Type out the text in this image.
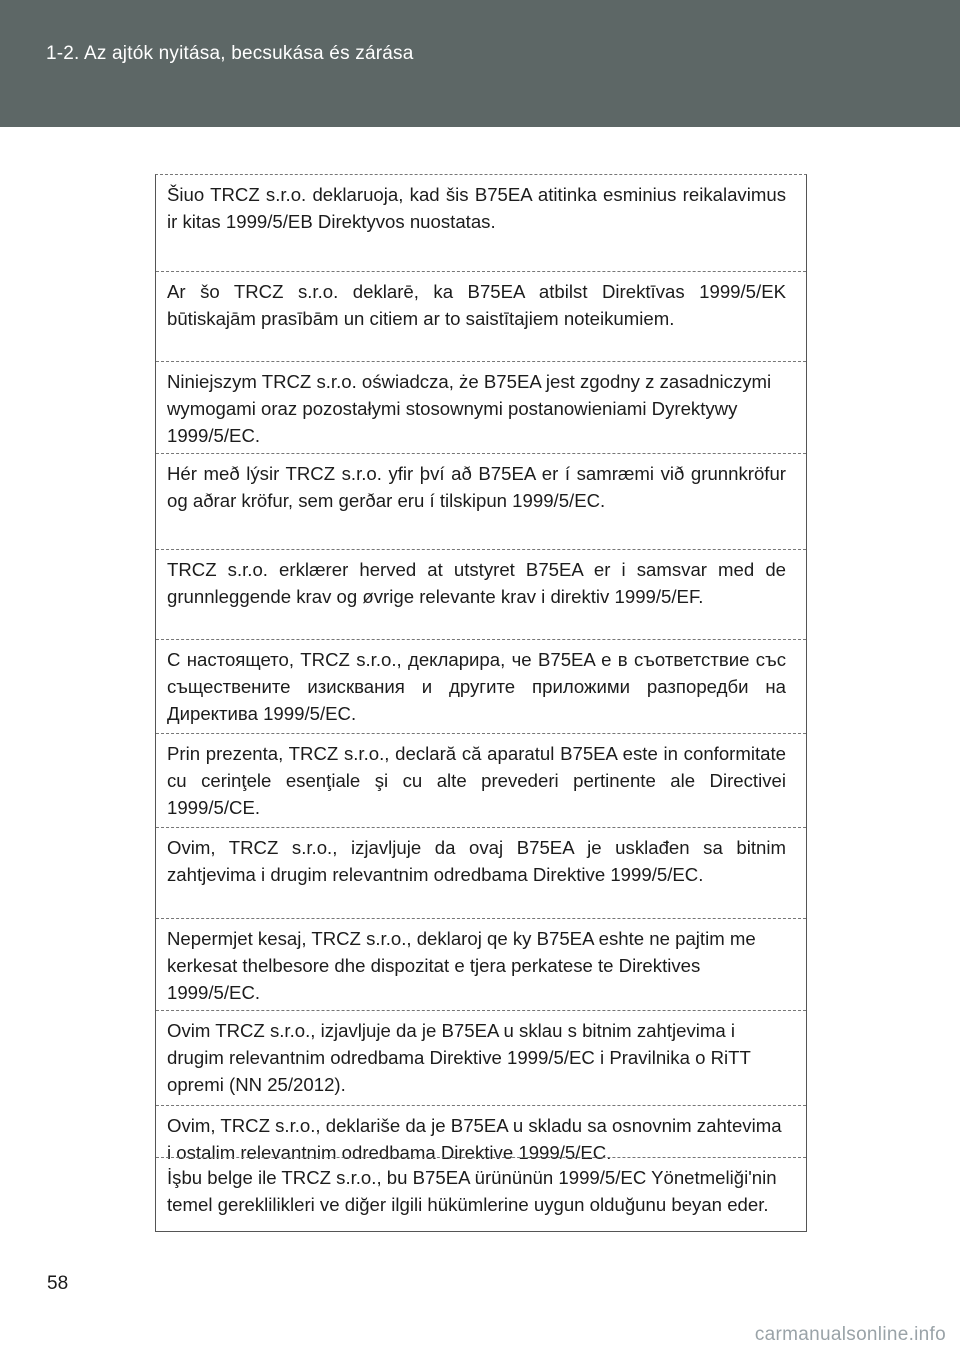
1-2. Az ajtók nyitása, becsukása és zárása
Šiuo TRCZ s.r.o. deklaruoja, kad šis B75EA atitinka esminius reikalavimus ir kitas 1999/5/EB Direktyvos nuostatas.
Ar šo TRCZ s.r.o. deklarē, ka B75EA atbilst Direktīvas 1999/5/EK būtiskajām prasībām un citiem ar to saistītajiem noteikumiem.
Niniejszym TRCZ s.r.o. oświadcza, że B75EA jest zgodny z zasadniczymi wymogami oraz pozostałymi stosownymi postanowieniami Dyrektywy 1999/5/EC.
Hér með lýsir TRCZ s.r.o. yfir því að B75EA er í samræmi við grunnkröfur og aðrar kröfur, sem gerðar eru í tilskipun 1999/5/EC.
TRCZ s.r.o. erklærer herved at utstyret B75EA er i samsvar med de grunnleggende krav og øvrige relevante krav i direktiv 1999/5/EF.
С настоящето, TRCZ s.r.o., декларира, че B75EA е в съответствие със съществените изисквания и другите приложими разпоредби на Директива 1999/5/EC.
Prin prezenta, TRCZ s.r.o., declară că aparatul B75EA este in conformitate cu cerinţele esenţiale şi cu alte prevederi pertinente ale Directivei 1999/5/CE.
Ovim, TRCZ s.r.o., izjavljuje da ovaj B75EA je usklađen sa bitnim zahtjevima i drugim relevantnim odredbama Direktive 1999/5/EC.
Nepermjet kesaj, TRCZ s.r.o., deklaroj qe ky B75EA eshte ne pajtim me kerkesat thelbesore dhe dispozitat e tjera perkatese te Direktives 1999/5/EC.
Ovim TRCZ s.r.o., izjavljuje da je B75EA u sklau s bitnim zahtjevima i drugim relevantnim odredbama Direktive 1999/5/EC i Pravilnika o RiTT opremi (NN 25/2012).
Ovim, TRCZ s.r.o., deklariše da je B75EA u skladu sa osnovnim zahtevima i ostalim relevantnim odredbama Direktive 1999/5/EC.
İşbu belge ile TRCZ s.r.o., bu B75EA ürününün 1999/5/EC Yönetmeliği'nin temel gereklilikleri ve diğer ilgili hükümlerine uygun olduğunu beyan eder.
58
carmanualsonline.info
